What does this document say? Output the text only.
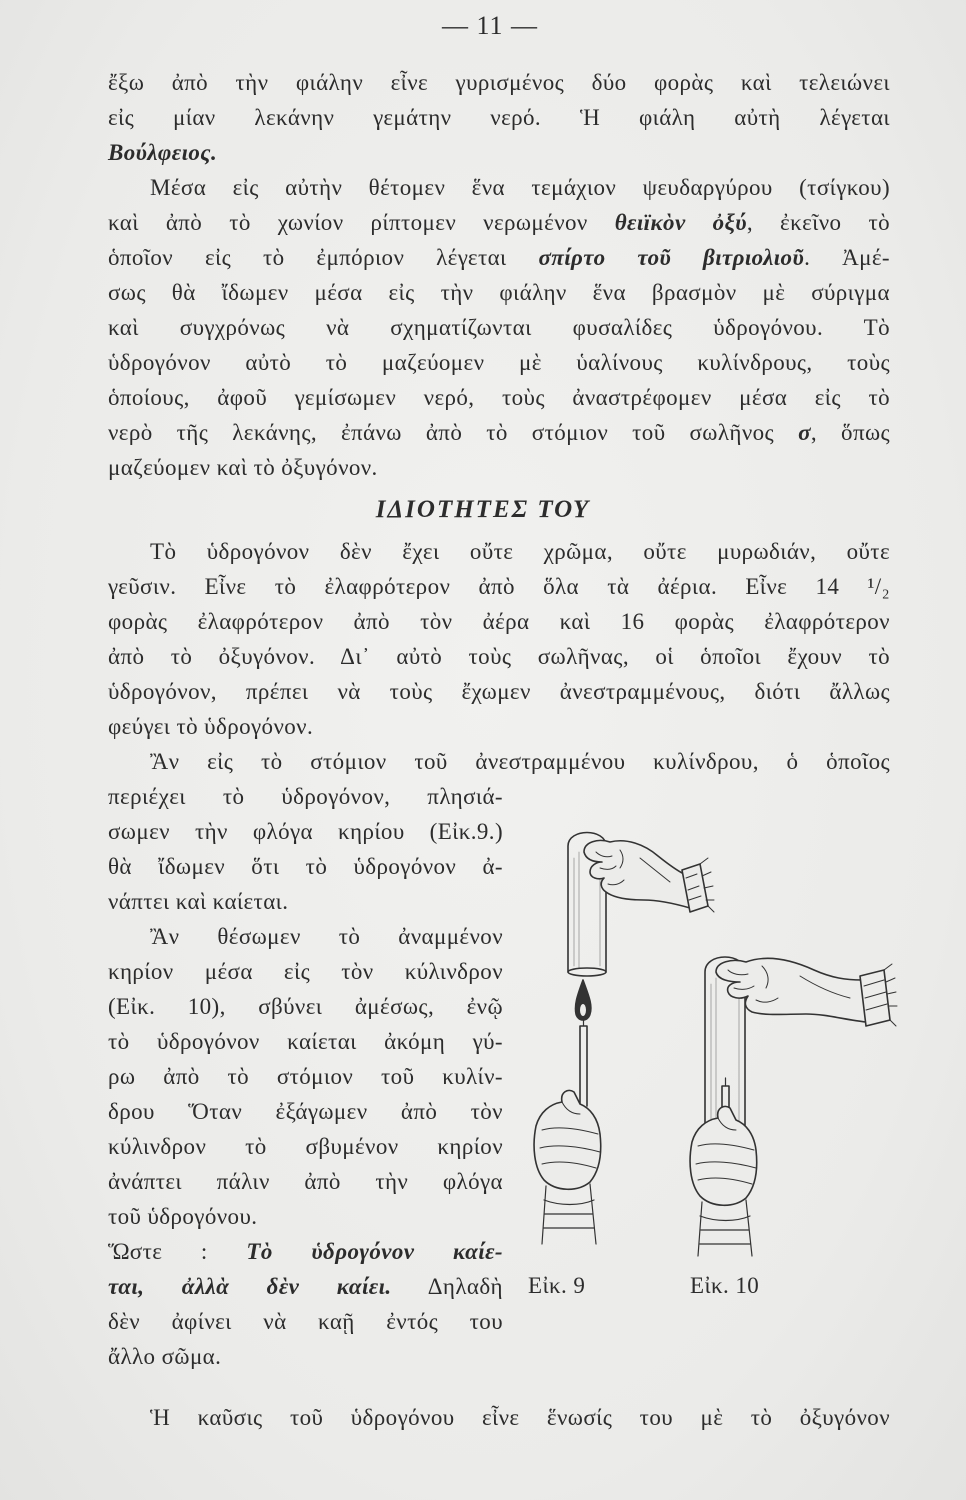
— 11 —
ἔξω ἀπὸ τὴν φιάλην εἶνε γυρισμένος δύο φορὰς καὶ τελειώνει
εἰς μίαν λεκάνην γεμάτην νερό. Ἡ φιάλη αὐτὴ λέγεται
Βούλφειος.
Μέσα εἰς αὐτὴν θέτομεν ἕνα τεμάχιον ψευδαργύρου (τσίγκου)
καὶ ἀπὸ τὸ χωνίον ρίπτομεν νερωμένον θειϊκὸν ὀξύ, ἐκεῖνο τὸ
ὁποῖον εἰς τὸ ἐμπόριον λέγεται σπίρτο τοῦ βιτριολιοῦ. Ἀμέ-
σως θὰ ἴδωμεν μέσα εἰς τὴν φιάλην ἕνα βρασμὸν μὲ σύριγμα
καὶ συγχρόνως νὰ σχηματίζωνται φυσαλίδες ὑδρογόνου. Τὸ
ὑδρογόνον αὐτὸ τὸ μαζεύομεν μὲ ὑαλίνους κυλίνδρους, τοὺς
ὁποίους, ἀφοῦ γεμίσωμεν νερό, τοὺς ἀναστρέφομεν μέσα εἰς τὸ
νερὸ τῆς λεκάνης, ἐπάνω ἀπὸ τὸ στόμιον τοῦ σωλῆνος σ, ὅπως
μαζεύομεν καὶ τὸ ὀξυγόνον.
ΙΔΙΟΤΗΤΕΣ ΤΟΥ
Τὸ ὑδρογόνον δὲν ἔχει οὔτε χρῶμα, οὔτε μυρωδιάν, οὔτε
γεῦσιν. Εἶνε τὸ ἐλαφρότερον ἀπὸ ὅλα τὰ ἀέρια. Εἶνε 14 ¹/₂
φορὰς ἐλαφρότερον ἀπὸ τὸν ἀέρα καὶ 16 φορὰς ἐλαφρότερον
ἀπὸ τὸ ὀξυγόνον. Δι᾽ αὐτὸ τοὺς σωλῆνας, οἱ ὁποῖοι ἔχουν τὸ
ὑδρογόνον, πρέπει νὰ τοὺς ἔχωμεν ἀνεστραμμένους, διότι ἄλλως
φεύγει τὸ ὑδρογόνον.
Ἂν εἰς τὸ στόμιον τοῦ ἀνεστραμμένου κυλίνδρου, ὁ ὁποῖος
περιέχει τὸ ὑδρογόνον, πλησιά-
σωμεν τὴν φλόγα κηρίου (Εἰκ.9.)
θὰ ἴδωμεν ὅτι τὸ ὑδρογόνον ἀ-
νάπτει καὶ καίεται.
Ἂν θέσωμεν τὸ ἀναμμένον
κηρίον μέσα εἰς τὸν κύλινδρον
(Εἰκ. 10), σβύνει ἀμέσως, ἐνῷ
τὸ ὑδρογόνον καίεται ἀκόμη γύ-
ρω ἀπὸ τὸ στόμιον τοῦ κυλίν-
δρου Ὅταν ἐξάγωμεν ἀπὸ τὸν
κύλινδρον τὸ σβυμένον κηρίον
ἀνάπτει πάλιν ἀπὸ τὴν φλόγα
τοῦ ὑδρογόνου.
Ὥστε : Τὸ ὑδρογόνον καίε-
ται, ἀλλὰ δὲν καίει. Δηλαδὴ
δὲν ἀφίνει νὰ καῇ ἐντός του
ἄλλο σῶμα.
Ἡ καῦσις τοῦ ὑδρογόνου εἶνε ἕνωσίς του μὲ τὸ ὀξυγόνον
Εἰκ. 9	Εἰκ. 10
